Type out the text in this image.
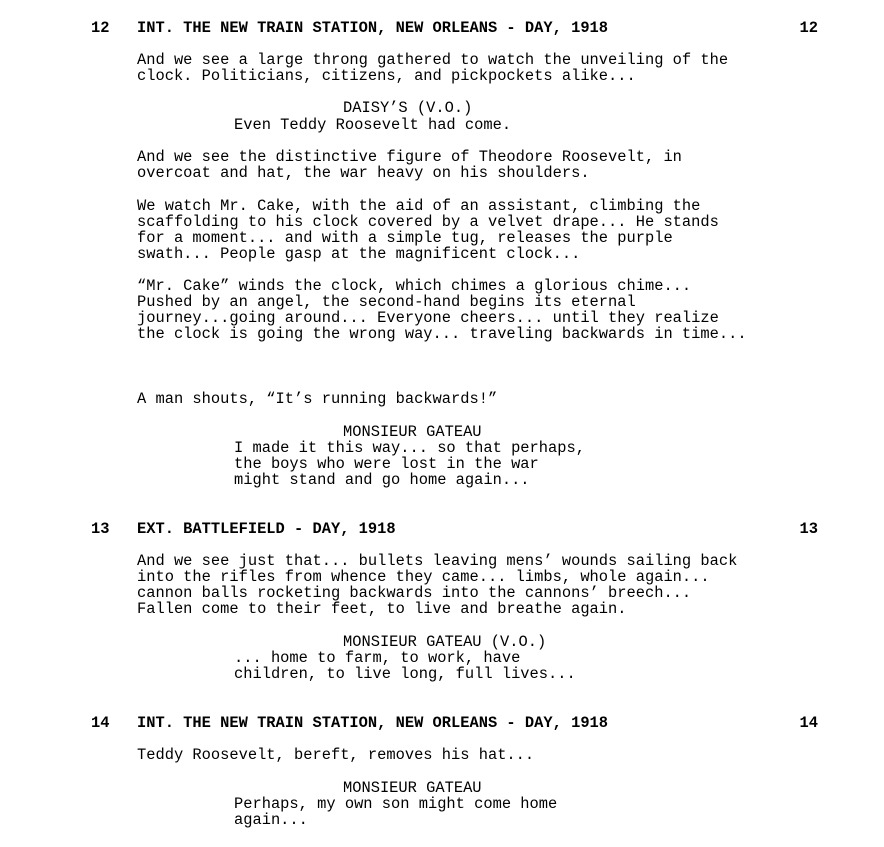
12 INT. THE NEW TRAIN STATION, NEW ORLEANS - DAY, 1918	12
And we see a large throng gathered to watch the unveiling of the
clock. Politicians, citizens, and pickpockets alike...
DAISY’S (V.O.)
Even Teddy Roosevelt had come.
And we see the distinctive figure of Theodore Roosevelt, in
overcoat and hat, the war heavy on his shoulders.
We watch Mr. Cake, with the aid of an assistant, climbing the
scaffolding to his clock covered by a velvet drape... He stands
for a moment... and with a simple tug, releases the purple
swath... People gasp at the magnificent clock...
“Mr. Cake” winds the clock, which chimes a glorious chime...
Pushed by an angel, the second-hand begins its eternal
journey...going around... Everyone cheers... until they realize
the clock is going the wrong way... traveling backwards in time...
A man shouts, “It’s running backwards!”
MONSIEUR GATEAU
I made it this way... so that perhaps,
the boys who were lost in the war
might stand and go home again...
13 EXT. BATTLEFIELD - DAY, 1918	13
And we see just that... bullets leaving mens’ wounds sailing back
into the rifles from whence they came... limbs, whole again...
cannon balls rocketing backwards into the cannons’ breech...
Fallen come to their feet, to live and breathe again.
MONSIEUR GATEAU (V.O.)
... home to farm, to work, have
children, to live long, full lives...
14 INT. THE NEW TRAIN STATION, NEW ORLEANS - DAY, 1918	14
Teddy Roosevelt, bereft, removes his hat...
MONSIEUR GATEAU
Perhaps, my own son might come home
again...
